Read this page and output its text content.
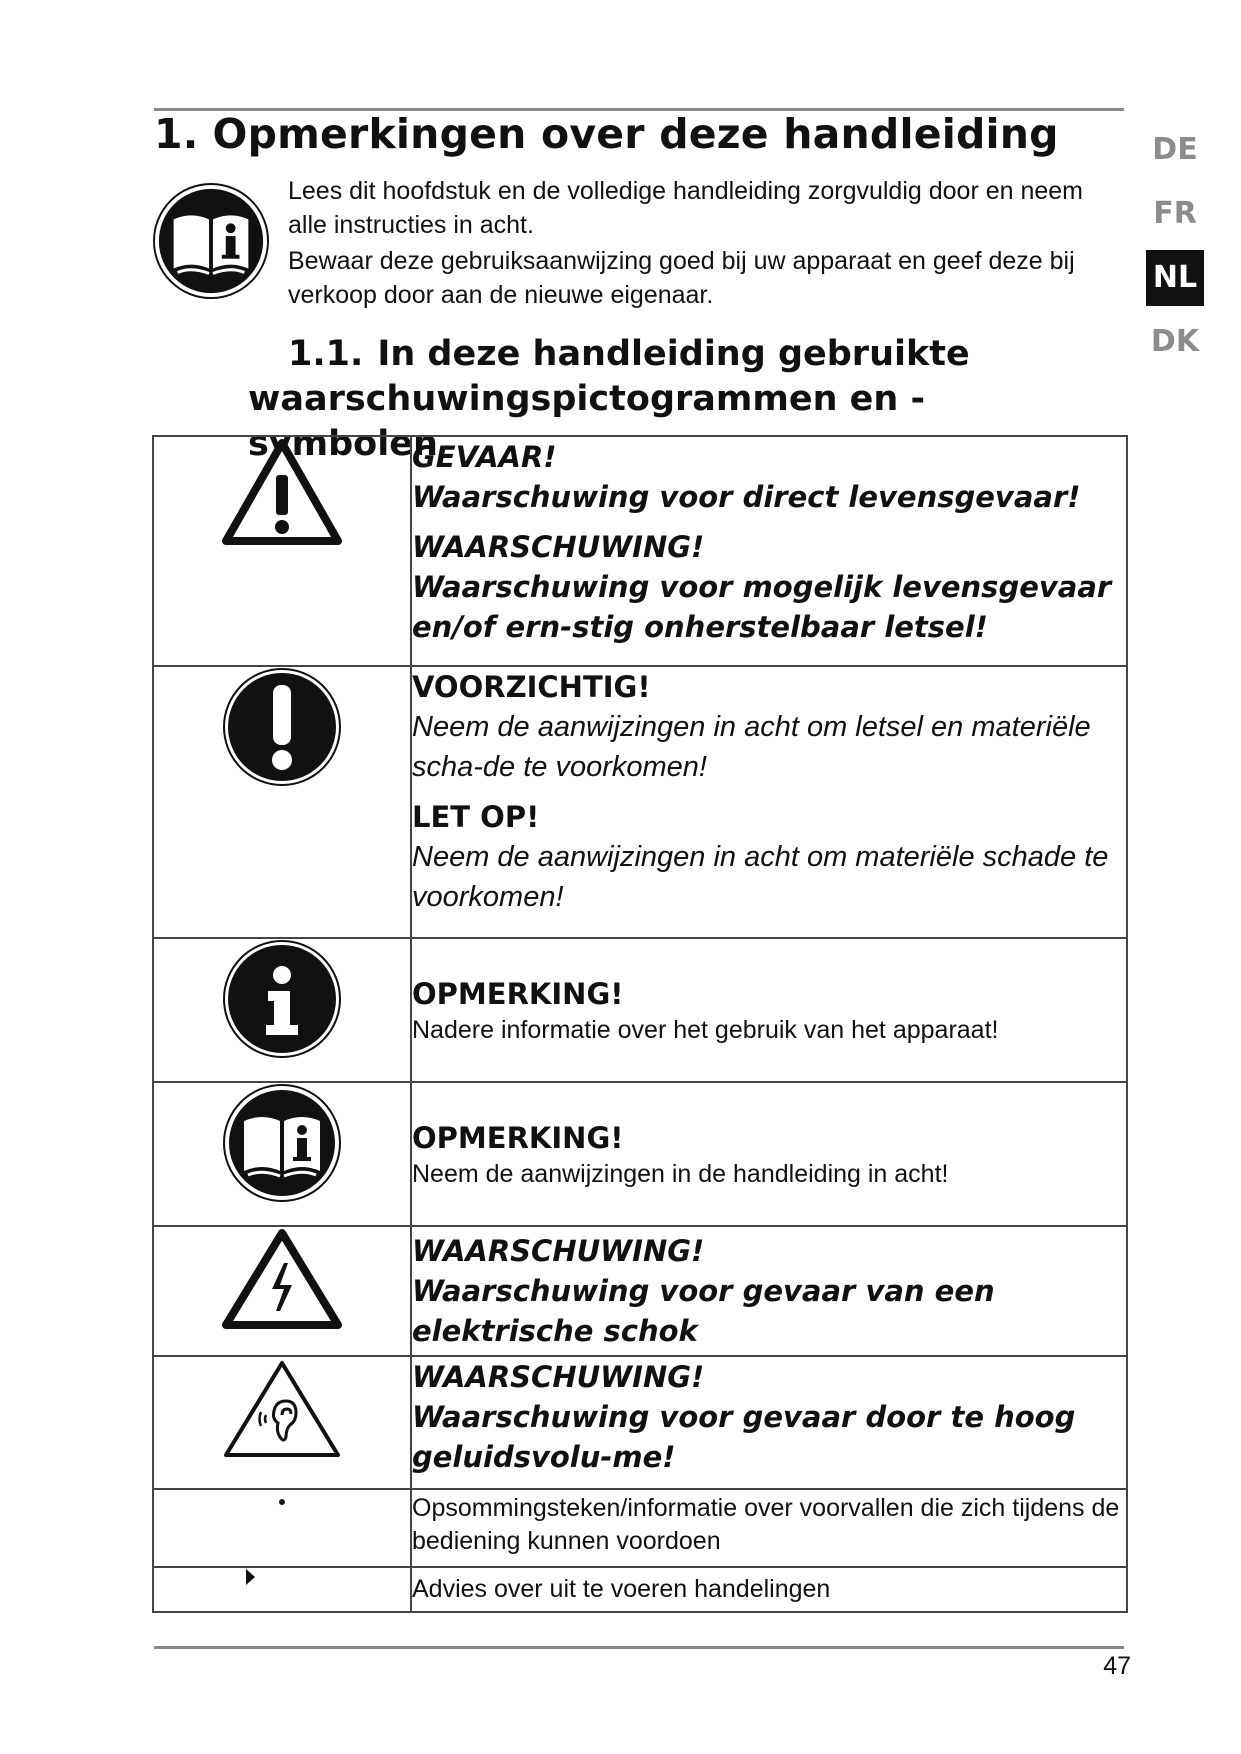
1. Opmerkingen over deze handleiding

Lees dit hoofdstuk en de volledige handleiding zorgvuldig door en neem alle instructies in acht.

Bewaar deze gebruiksaanwijzing goed bij uw apparaat en geef deze bij verkoop door aan de nieuwe eigenaar.

1.1. In deze handleiding gebruikte
waarschuwingspictogrammen en -symbolen
DE
FR
NL
DK

GEVAAR!

Waarschuwing voor direct levensgevaar!

WAARSCHUWING!

Waarschuwing voor mogelijk levensgevaar en/of ern-stig onherstelbaar letsel!

VOORZICHTIG!

Neem de aanwijzingen in acht om letsel en materiële scha-de te voorkomen!

LET OP!

Neem de aanwijzingen in acht om materiële schade te voorkomen!

OPMERKING!

Nadere informatie over het gebruik van het apparaat!

OPMERKING!

Neem de aanwijzingen in de handleiding in acht!

WAARSCHUWING!

Waarschuwing voor gevaar van een elektrische schok

WAARSCHUWING!

Waarschuwing voor gevaar door te hoog geluidsvolu-me!

	Opsommingsteken/informatie over voorvallen die zich tijdens de bediening kunnen voordoen

Advies over uit te voeren handelingen

47
